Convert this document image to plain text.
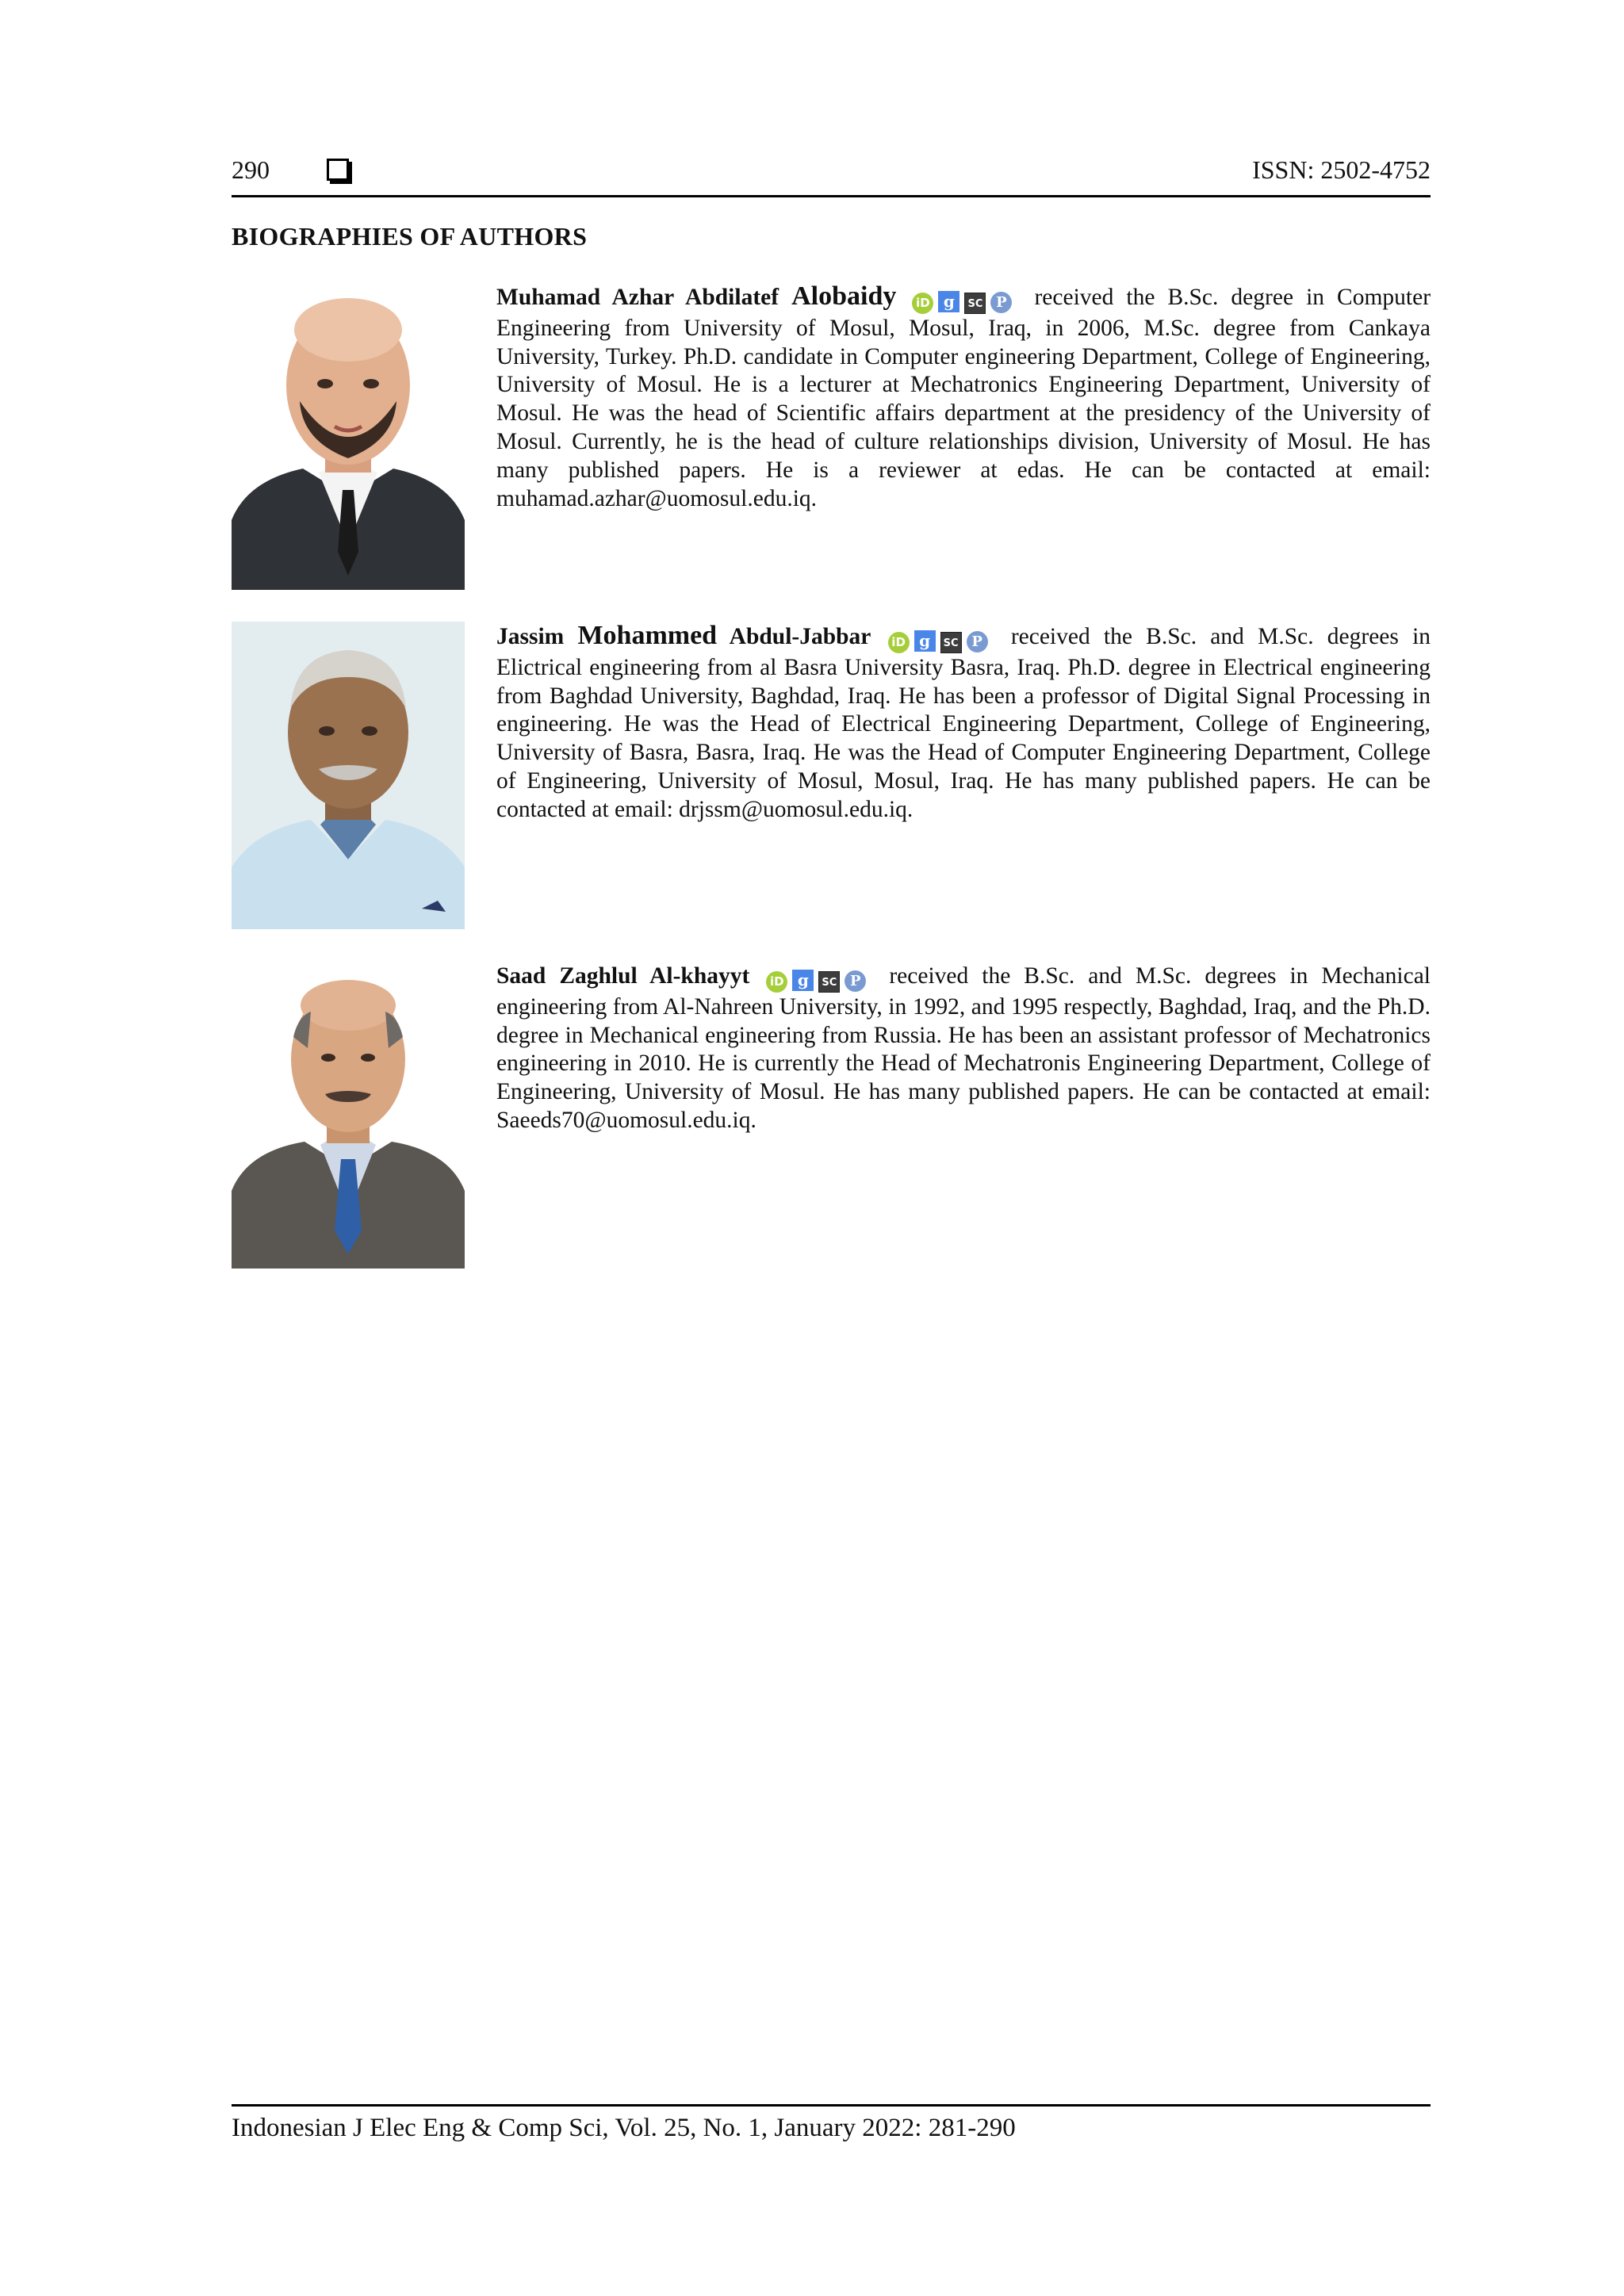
290	ISSN: 2502-4752
BIOGRAPHIES OF AUTHORS
Muhamad Azhar Abdilatef Alobaidy iD g SC P received the B.Sc. degree in Computer Engineering from University of Mosul, Mosul, Iraq, in 2006, M.Sc. degree from Cankaya University, Turkey. Ph.D. candidate in Computer engineering Department, College of Engineering, University of Mosul. He is a lecturer at Mechatronics Engineering Department, University of Mosul. He was the head of Scientific affairs department at the presidency of the University of Mosul. Currently, he is the head of culture relationships division, University of Mosul. He has many published papers. He is a reviewer at edas. He can be contacted at email: muhamad.azhar@uomosul.edu.iq.
Jassim Mohammed Abdul-Jabbar iD g SC P received the B.Sc. and M.Sc. degrees in Elictrical engineering from al Basra University Basra, Iraq. Ph.D. degree in Electrical engineering from Baghdad University, Baghdad, Iraq. He has been a professor of Digital Signal Processing in engineering. He was the Head of Electrical Engineering Department, College of Engineering, University of Basra, Basra, Iraq. He was the Head of Computer Engineering Department, College of Engineering, University of Mosul, Mosul, Iraq. He has many published papers. He can be contacted at email: drjssm@uomosul.edu.iq.
Saad Zaghlul Al-khayyt iD g SC P received the B.Sc. and M.Sc. degrees in Mechanical engineering from Al-Nahreen University, in 1992, and 1995 respectly, Baghdad, Iraq, and the Ph.D. degree in Mechanical engineering from Russia. He has been an assistant professor of Mechatronics engineering in 2010. He is currently the Head of Mechatronis Engineering Department, College of Engineering, University of Mosul. He has many published papers. He can be contacted at email: Saeeds70@uomosul.edu.iq.
Indonesian J Elec Eng & Comp Sci, Vol. 25, No. 1, January 2022: 281-290
